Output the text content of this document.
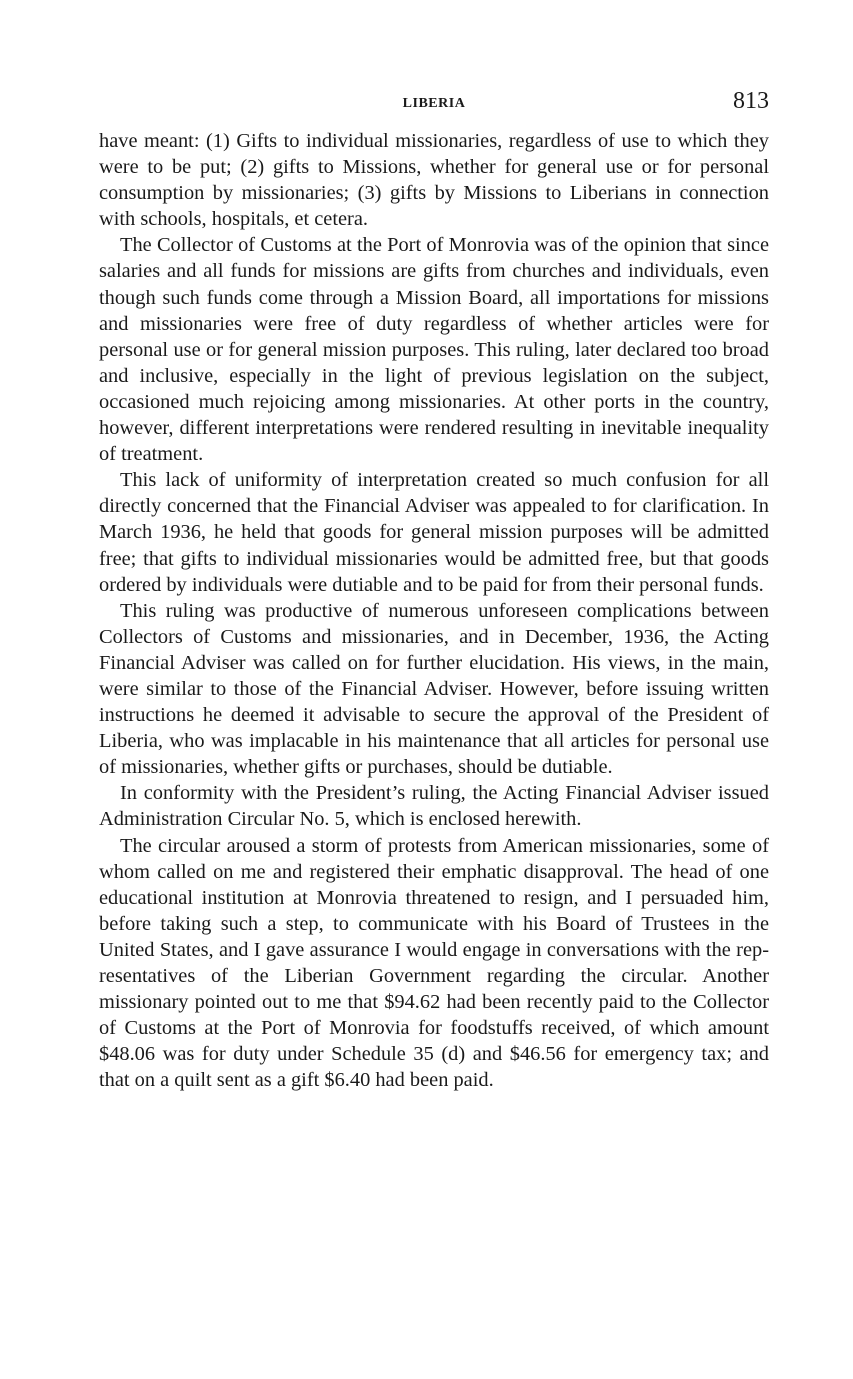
LIBERIA	813

have meant: (1) Gifts to individual missionaries, regardless of use to which they were to be put; (2) gifts to Missions, whether for general use or for personal consumption by missionaries; (3) gifts by Missions to Liberians in connection with schools, hospitals, et cetera.

The Collector of Customs at the Port of Monrovia was of the opinion that since salaries and all funds for missions are gifts from churches and individuals, even though such funds come through a Mission Board, all importations for missions and missionaries were free of duty regardless of whether articles were for personal use or for general mission purposes. This ruling, later declared too broad and inclusive, especially in the light of previous legislation on the subject, occasioned much rejoicing among missionaries. At other ports in the country, however, different interpretations were rendered resulting in inevitable inequality of treatment.

This lack of uniformity of interpretation created so much confusion for all directly concerned that the Financial Adviser was appealed to for clarification. In March 1936, he held that goods for general mission purposes will be admitted free; that gifts to individual missionaries would be admitted free, but that goods ordered by individuals were dutiable and to be paid for from their personal funds.

This ruling was productive of numerous unforeseen complications between Collectors of Customs and missionaries, and in December, 1936, the Acting Financial Adviser was called on for further elucidation. His views, in the main, were similar to those of the Financial Adviser. However, before issuing written instructions he deemed it advisable to secure the approval of the President of Liberia, who was implacable in his maintenance that all articles for personal use of missionaries, whether gifts or purchases, should be dutiable.

In conformity with the President’s ruling, the Acting Financial Adviser issued Administration Circular No. 5, which is enclosed herewith.

The circular aroused a storm of protests from American missionaries, some of whom called on me and registered their emphatic disapproval. The head of one educational institution at Monrovia threatened to resign, and I persuaded him, before taking such a step, to communicate with his Board of Trustees in the United States, and I gave assurance I would engage in conversations with the representatives of the Liberian Government regarding the circular. Another missionary pointed out to me that $94.62 had been recently paid to the Collector of Customs at the Port of Monrovia for foodstuffs received, of which amount $48.06 was for duty under Schedule 35 (d) and $46.56 for emergency tax; and that on a quilt sent as a gift $6.40 had been paid.
